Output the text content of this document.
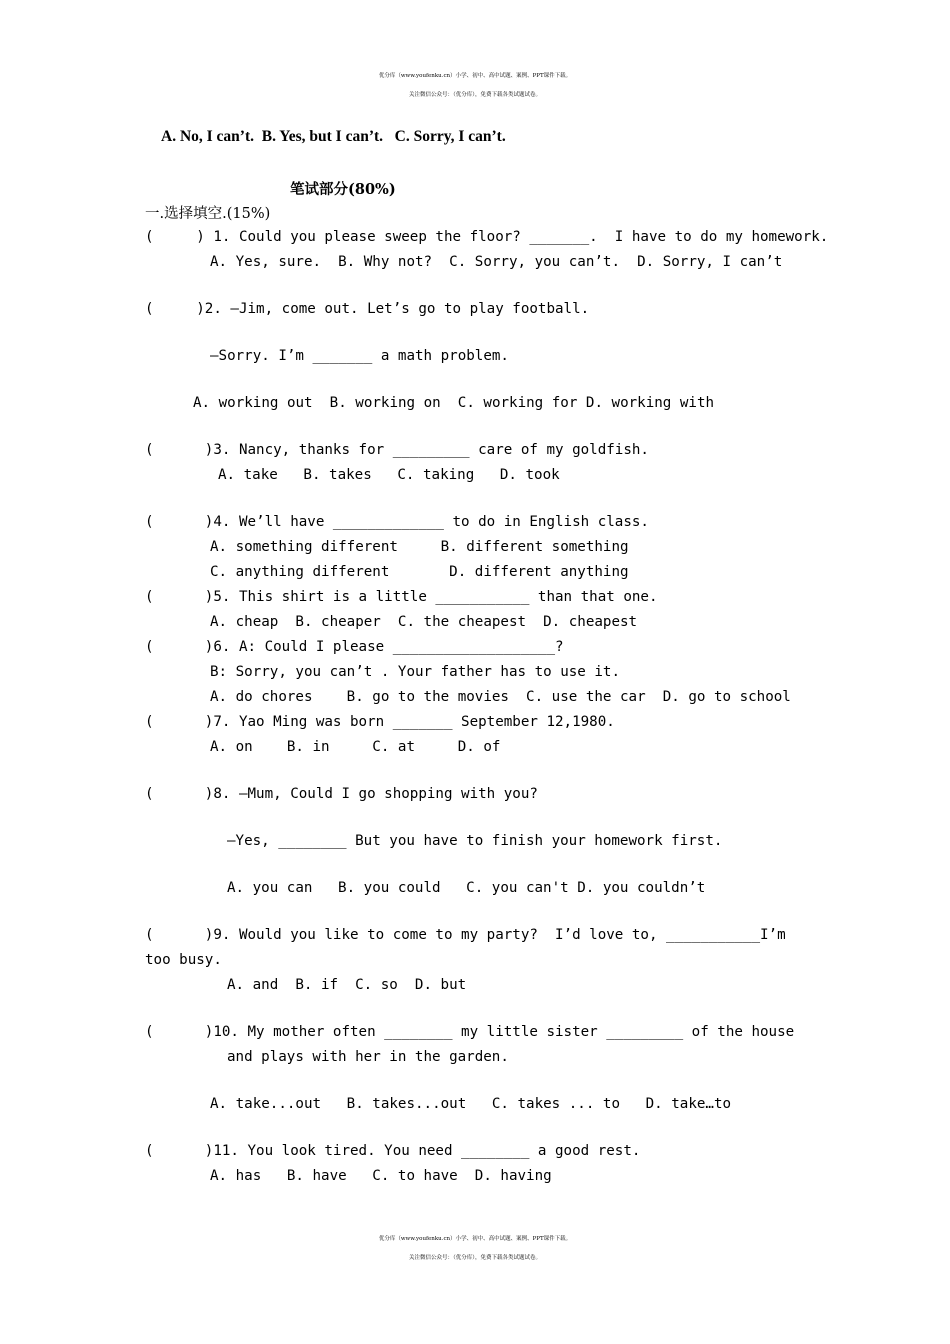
优分库（www.youfenku.cn）小学、初中、高中试题、案例、PPT课件下载。
关注微信公众号：（优分库），免费下载各类试题试卷。
A. No, I can’t.  B. Yes, but I can’t.   C. Sorry, I can’t.
笔试部分(80%)
一.选择填空.(15%)
(     ) 1. Could you please sweep the floor? _______.  I have to do my homework.
A. Yes, sure.  B. Why not?  C. Sorry, you can’t.  D. Sorry, I can’t
(     )2. —Jim, come out. Let’s go to play football.
—Sorry. I’m _______ a math problem.
A. working out  B. working on  C. working for D. working with
(      )3. Nancy, thanks for _________ care of my goldfish.
A. take   B. takes   C. taking   D. took
(      )4. We’ll have _____________ to do in English class.
A. something different     B. different something
C. anything different       D. different anything
(      )5. This shirt is a little ___________ than that one.
A. cheap  B. cheaper  C. the cheapest  D. cheapest
(      )6. A: Could I please ___________________?
B: Sorry, you can’t . Your father has to use it.
A. do chores    B. go to the movies  C. use the car  D. go to school
(      )7. Yao Ming was born _______ September 12,1980.
A. on    B. in     C. at     D. of
(      )8. —Mum, Could I go shopping with you?
—Yes, ________ But you have to finish your homework first.
A. you can   B. you could   C. you can't D. you couldn’t
(      )9. Would you like to come to my party?  I’d love to, ___________I’m
too busy.
A. and  B. if  C. so  D. but
(      )10. My mother often ________ my little sister _________ of the house
and plays with her in the garden.
A. take...out   B. takes...out   C. takes ... to   D. take…to
(      )11. You look tired. You need ________ a good rest.
A. has   B. have   C. to have  D. having
优分库（www.youfenku.cn）小学、初中、高中试题、案例、PPT课件下载。
关注微信公众号：（优分库），免费下载各类试题试卷。
